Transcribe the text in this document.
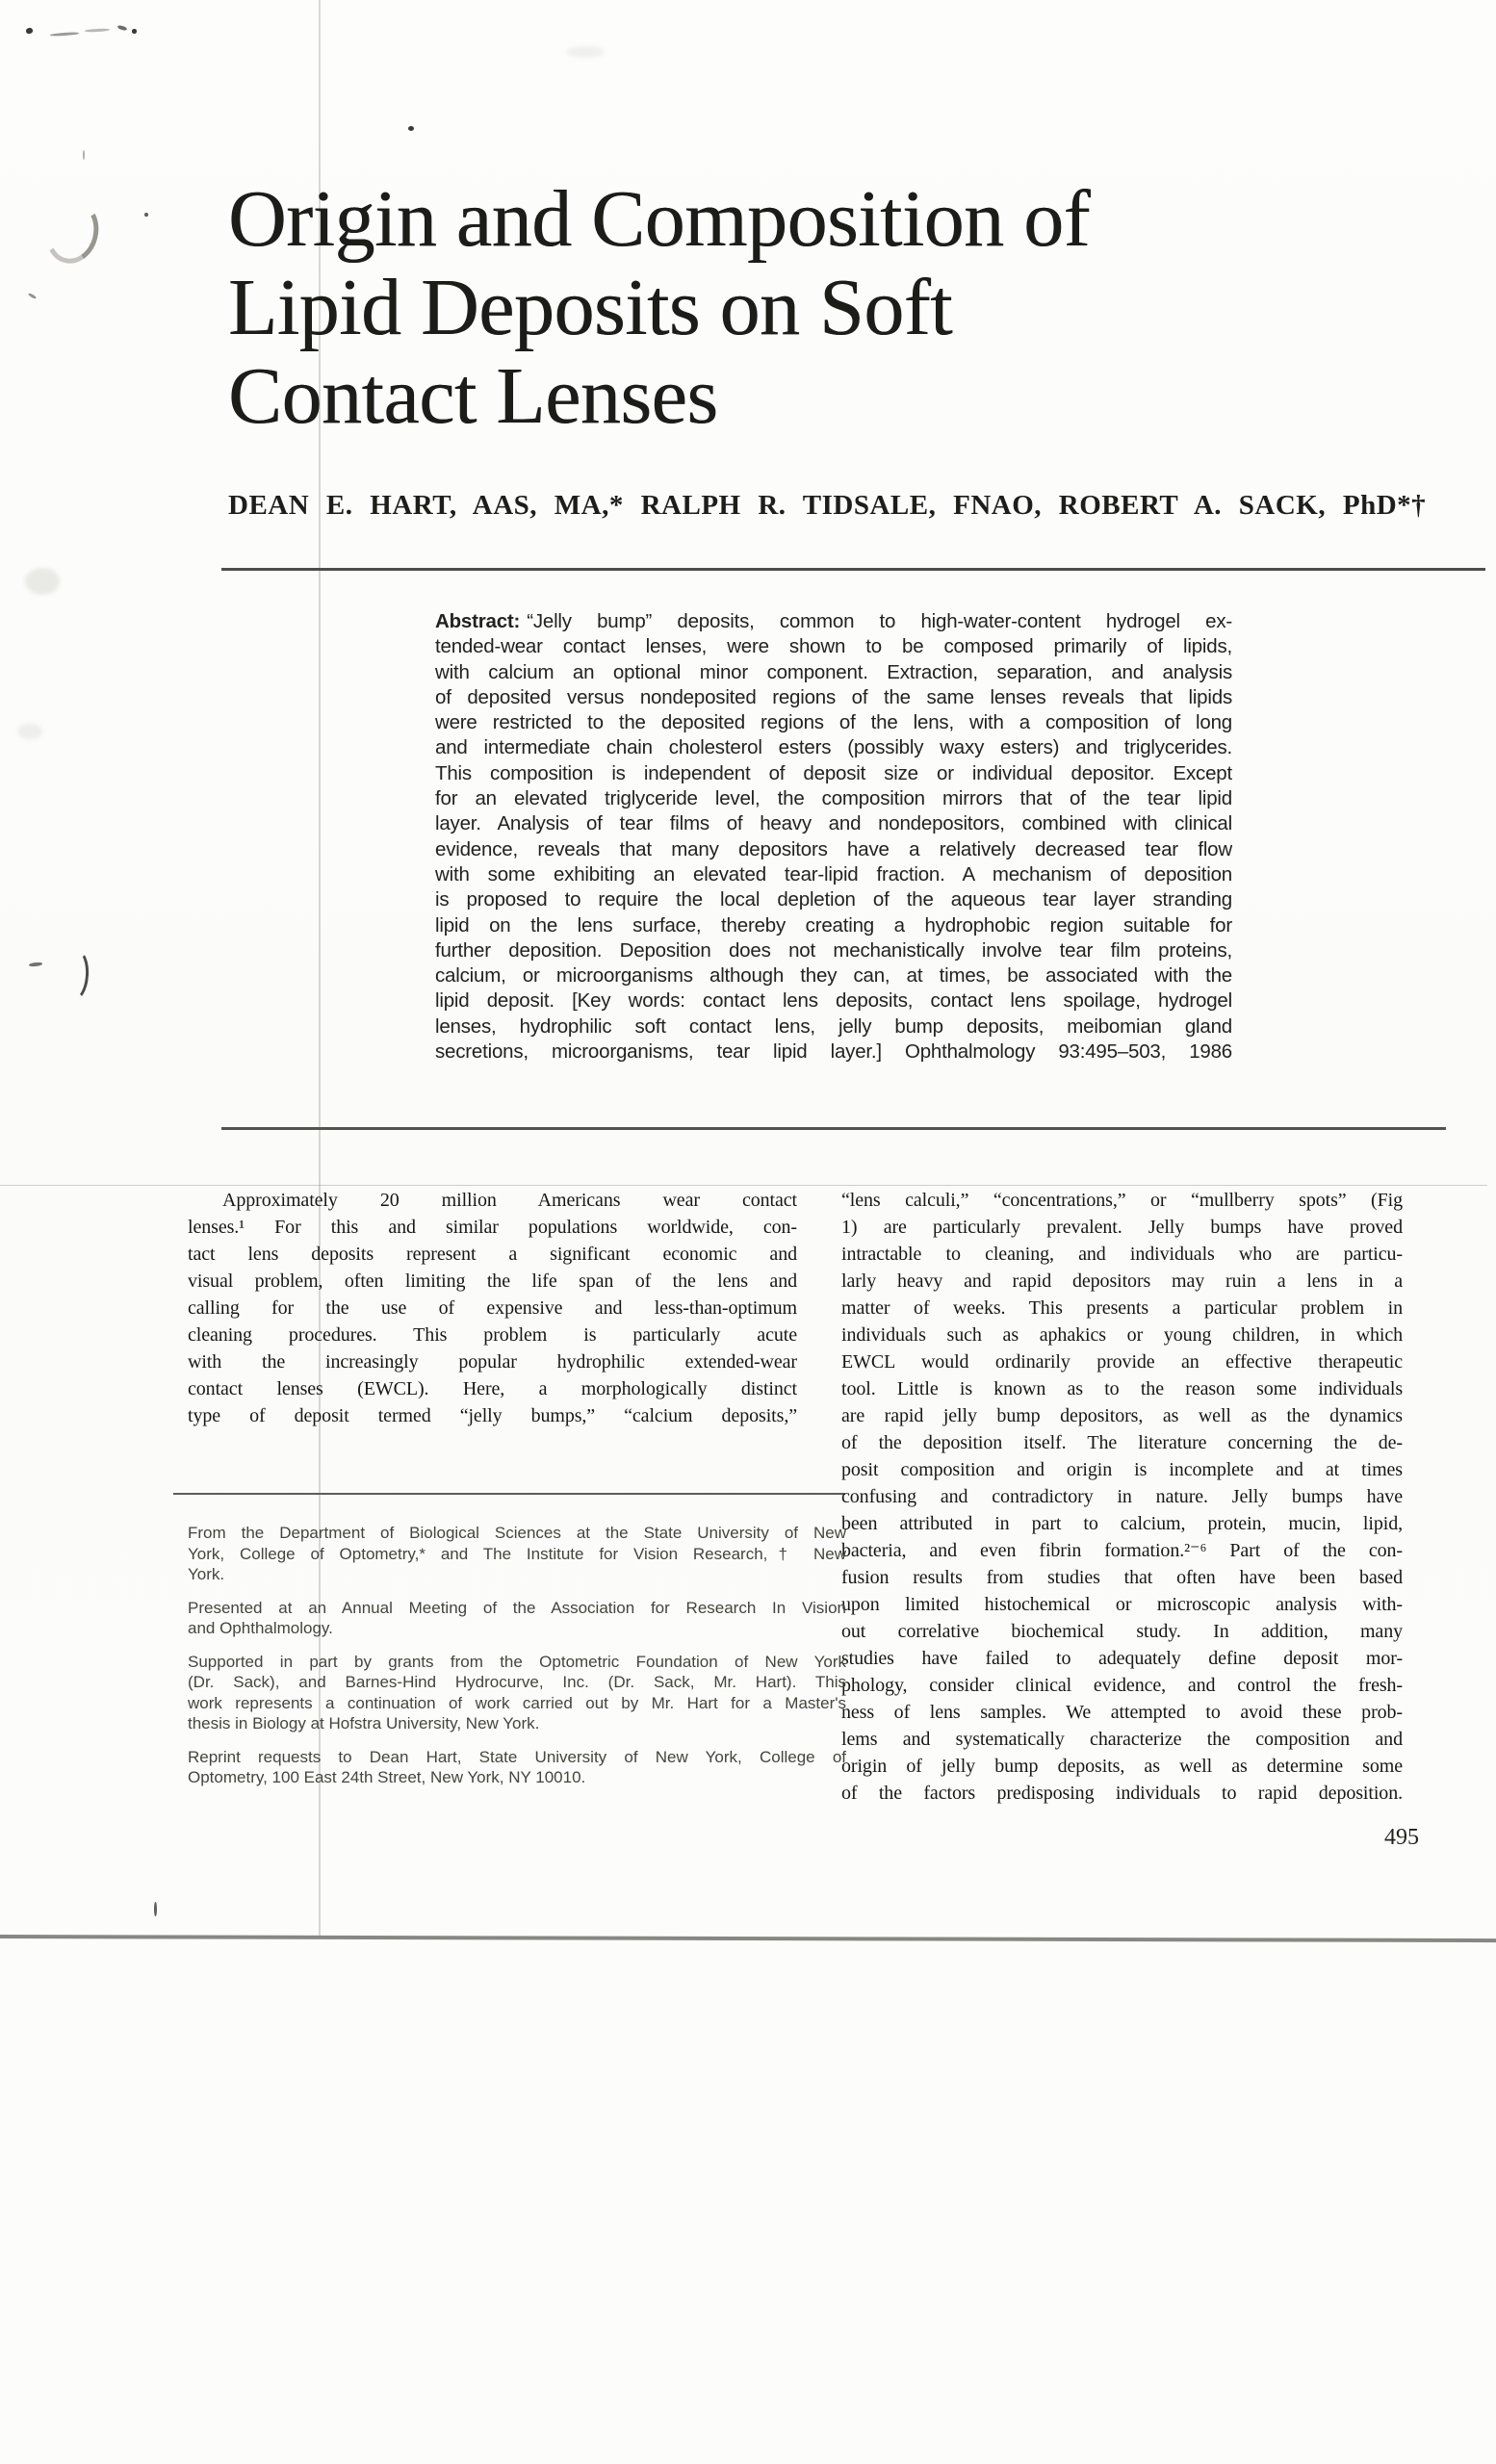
Origin and Composition of
Lipid Deposits on Soft
Contact Lenses
DEAN E. HART, AAS, MA,* RALPH R. TIDSALE, FNAO, ROBERT A. SACK, PhD*†
Abstract: “Jelly bump” deposits, common to high-water-content hydrogel ex-
tended-wear contact lenses, were shown to be composed primarily of lipids,
with calcium an optional minor component. Extraction, separation, and analysis
of deposited versus nondeposited regions of the same lenses reveals that lipids
were restricted to the deposited regions of the lens, with a composition of long
and intermediate chain cholesterol esters (possibly waxy esters) and triglycerides.
This composition is independent of deposit size or individual depositor. Except
for an elevated triglyceride level, the composition mirrors that of the tear lipid
layer. Analysis of tear films of heavy and nondepositors, combined with clinical
evidence, reveals that many depositors have a relatively decreased tear flow
with some exhibiting an elevated tear-lipid fraction. A mechanism of deposition
is proposed to require the local depletion of the aqueous tear layer stranding
lipid on the lens surface, thereby creating a hydrophobic region suitable for
further deposition. Deposition does not mechanistically involve tear film proteins,
calcium, or microorganisms although they can, at times, be associated with the
lipid deposit. [Key words: contact lens deposits, contact lens spoilage, hydrogel
lenses, hydrophilic soft contact lens, jelly bump deposits, meibomian gland
secretions, microorganisms, tear lipid layer.] Ophthalmology 93:495–503, 1986
Approximately 20 million Americans wear contact
lenses.¹ For this and similar populations worldwide, con-
tact lens deposits represent a significant economic and
visual problem, often limiting the life span of the lens and
calling for the use of expensive and less-than-optimum
cleaning procedures. This problem is particularly acute
with the increasingly popular hydrophilic extended-wear
contact lenses (EWCL). Here, a morphologically distinct
type of deposit termed “jelly bumps,” “calcium deposits,”
“lens calculi,” “concentrations,” or “mullberry spots” (Fig
1) are particularly prevalent. Jelly bumps have proved
intractable to cleaning, and individuals who are particu-
larly heavy and rapid depositors may ruin a lens in a
matter of weeks. This presents a particular problem in
individuals such as aphakics or young children, in which
EWCL would ordinarily provide an effective therapeutic
tool. Little is known as to the reason some individuals
are rapid jelly bump depositors, as well as the dynamics
of the deposition itself. The literature concerning the de-
posit composition and origin is incomplete and at times
confusing and contradictory in nature. Jelly bumps have
been attributed in part to calcium, protein, mucin, lipid,
bacteria, and even fibrin formation.²⁻⁶ Part of the con-
fusion results from studies that often have been based
upon limited histochemical or microscopic analysis with-
out correlative biochemical study. In addition, many
studies have failed to adequately define deposit mor-
phology, consider clinical evidence, and control the fresh-
ness of lens samples. We attempted to avoid these prob-
lems and systematically characterize the composition and
origin of jelly bump deposits, as well as determine some
of the factors predisposing individuals to rapid deposition.
From the Department of Biological Sciences at the State University of New
York, College of Optometry,* and The Institute for Vision Research,† New
York.
Presented at an Annual Meeting of the Association for Research In Vision
and Ophthalmology.
Supported in part by grants from the Optometric Foundation of New York
(Dr. Sack), and Barnes-Hind Hydrocurve, Inc. (Dr. Sack, Mr. Hart). This
work represents a continuation of work carried out by Mr. Hart for a Master's
thesis in Biology at Hofstra University, New York.
Reprint requests to Dean Hart, State University of New York, College of
Optometry, 100 East 24th Street, New York, NY 10010.
495
